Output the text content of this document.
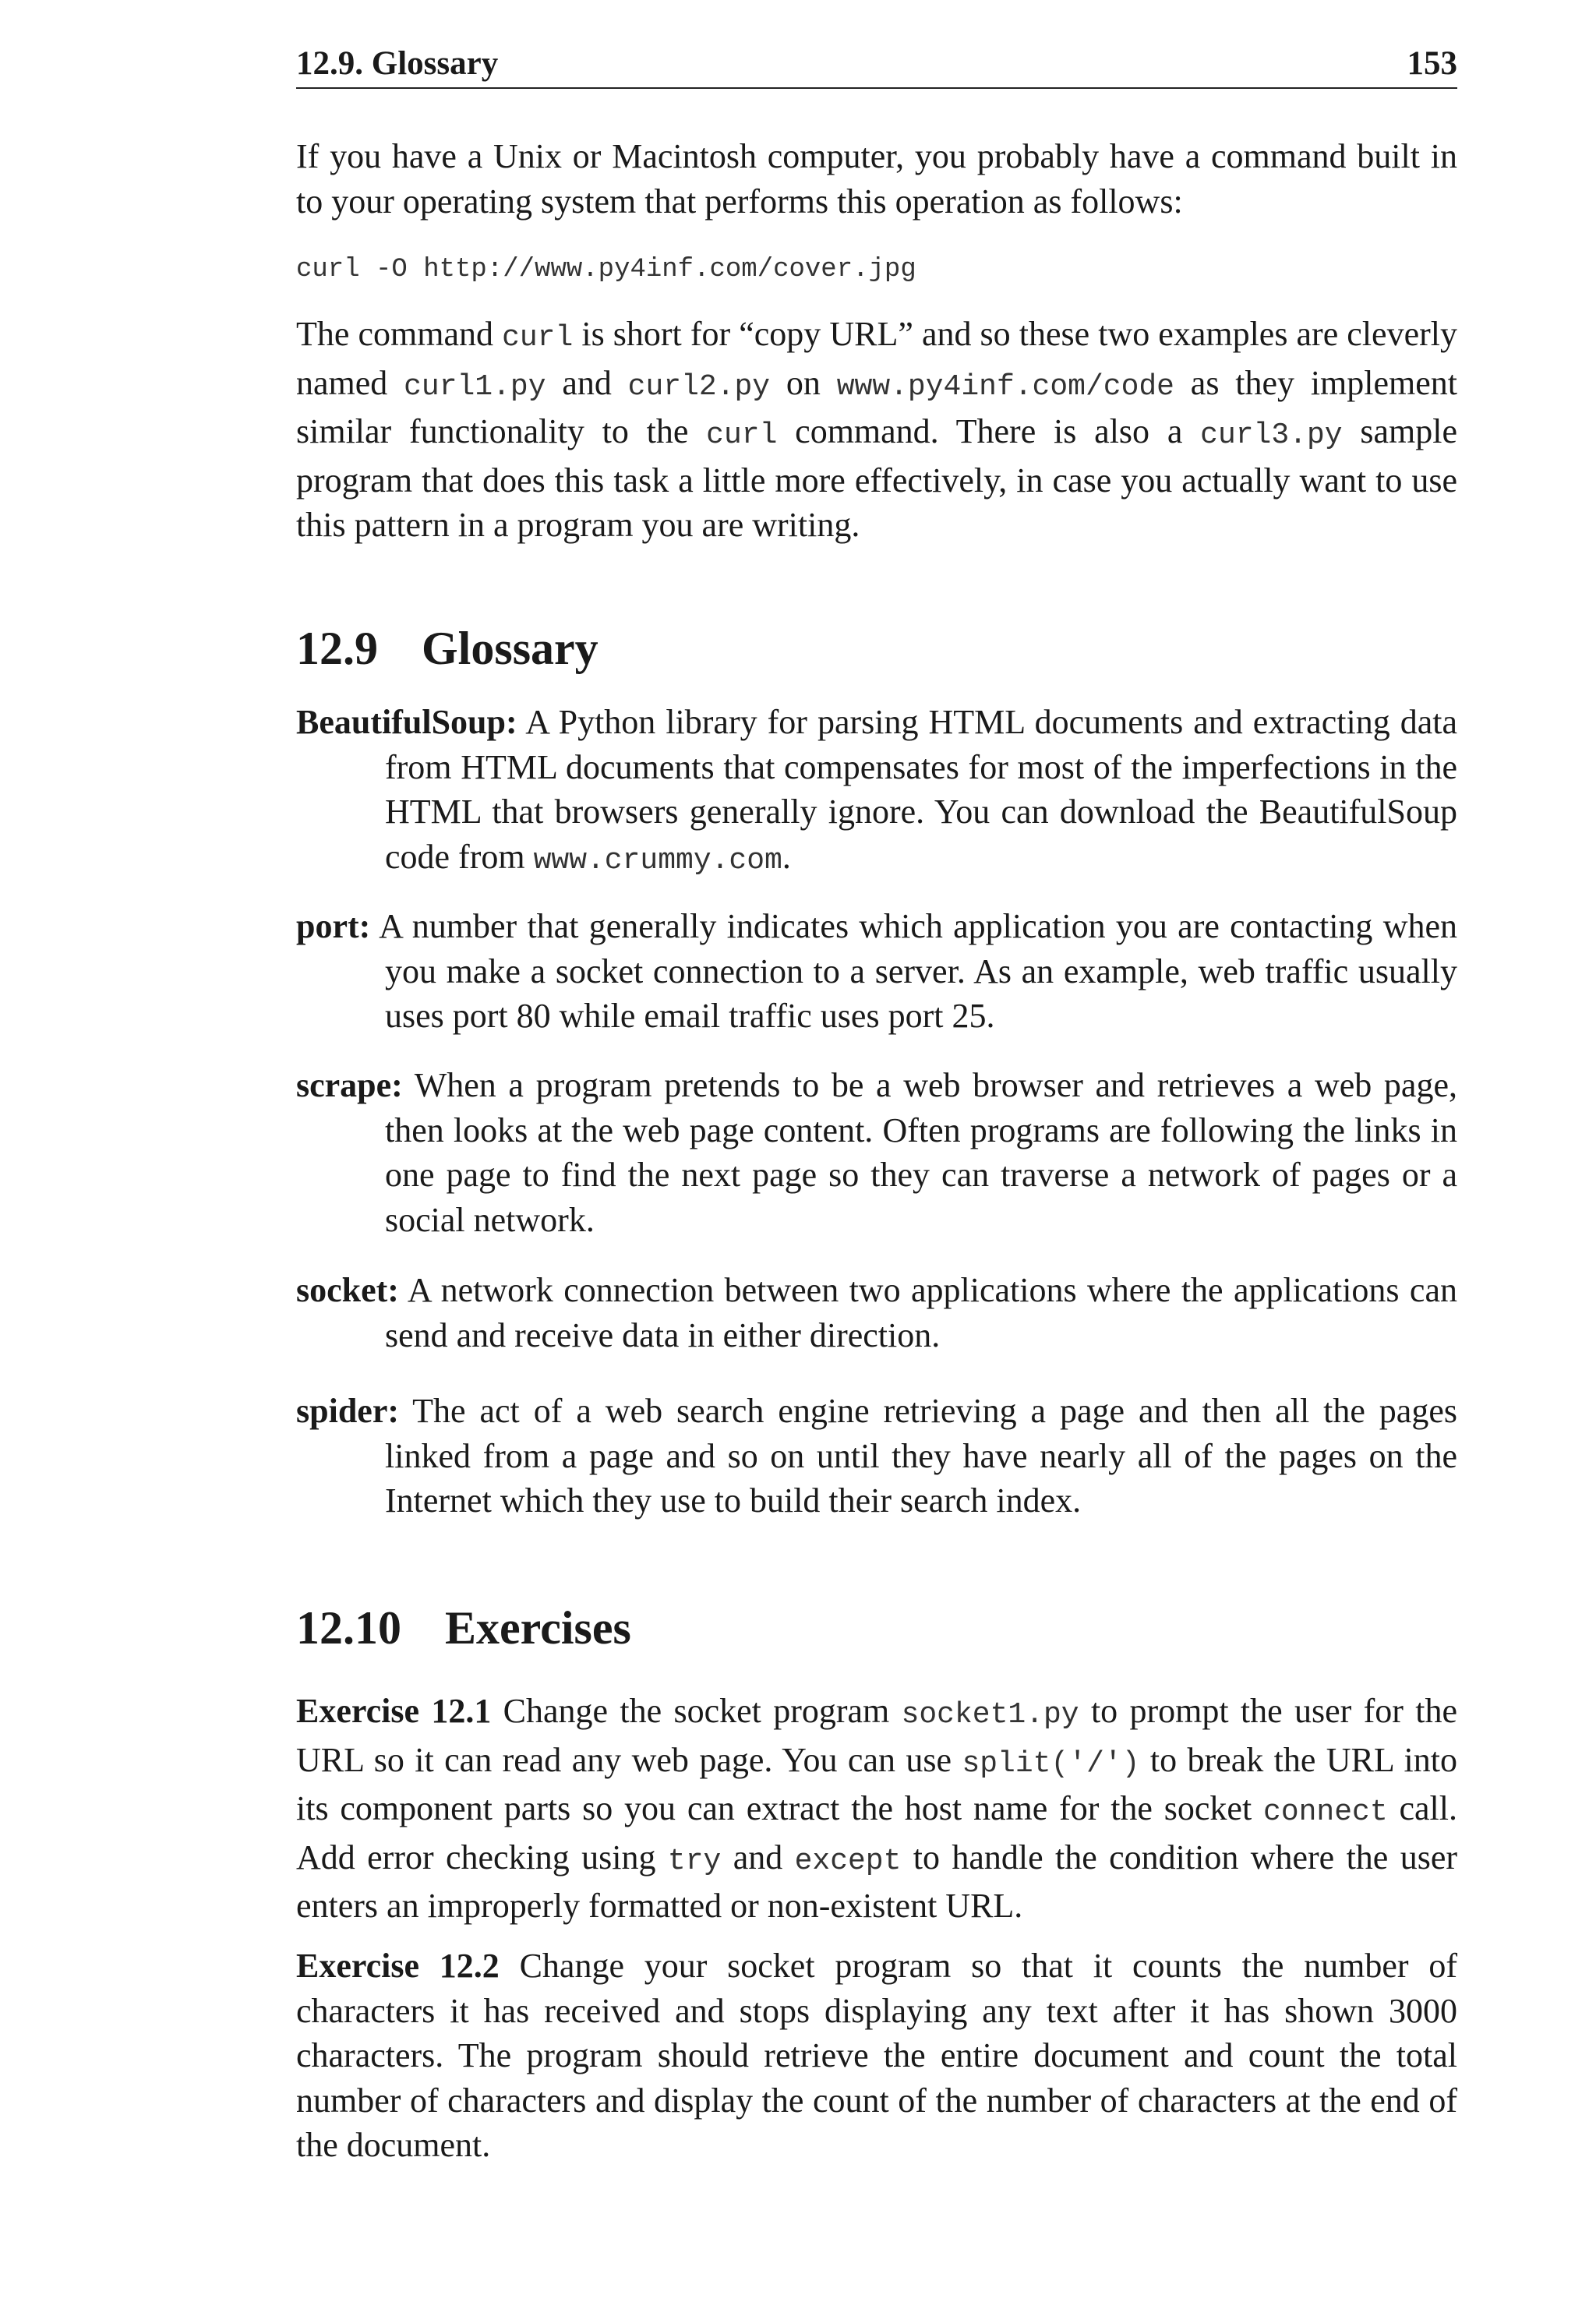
12.9. Glossary	153

If you have a Unix or Macintosh computer, you probably have a command built in to your operating system that performs this operation as follows:

curl -O http://www.py4inf.com/cover.jpg

The command curl is short for “copy URL” and so these two examples are cleverly named curl1.py and curl2.py on www.py4inf.com/code as they implement similar functionality to the curl command. There is also a curl3.py sample program that does this task a little more effectively, in case you actually want to use this pattern in a program you are writing.

12.9 Glossary

BeautifulSoup: A Python library for parsing HTML documents and extracting data from HTML documents that compensates for most of the imperfections in the HTML that browsers generally ignore. You can download the BeautifulSoup code from www.crummy.com.

port: A number that generally indicates which application you are contacting when you make a socket connection to a server. As an example, web traffic usually uses port 80 while email traffic uses port 25.

scrape: When a program pretends to be a web browser and retrieves a web page, then looks at the web page content. Often programs are following the links in one page to find the next page so they can traverse a network of pages or a social network.

socket: A network connection between two applications where the applications can send and receive data in either direction.

spider: The act of a web search engine retrieving a page and then all the pages linked from a page and so on until they have nearly all of the pages on the Internet which they use to build their search index.

12.10 Exercises

Exercise 12.1 Change the socket program socket1.py to prompt the user for the URL so it can read any web page. You can use split('/') to break the URL into its component parts so you can extract the host name for the socket connect call. Add error checking using try and except to handle the condition where the user enters an improperly formatted or non-existent URL.

Exercise 12.2 Change your socket program so that it counts the number of characters it has received and stops displaying any text after it has shown 3000 characters. The program should retrieve the entire document and count the total number of characters and display the count of the number of characters at the end of the document.
